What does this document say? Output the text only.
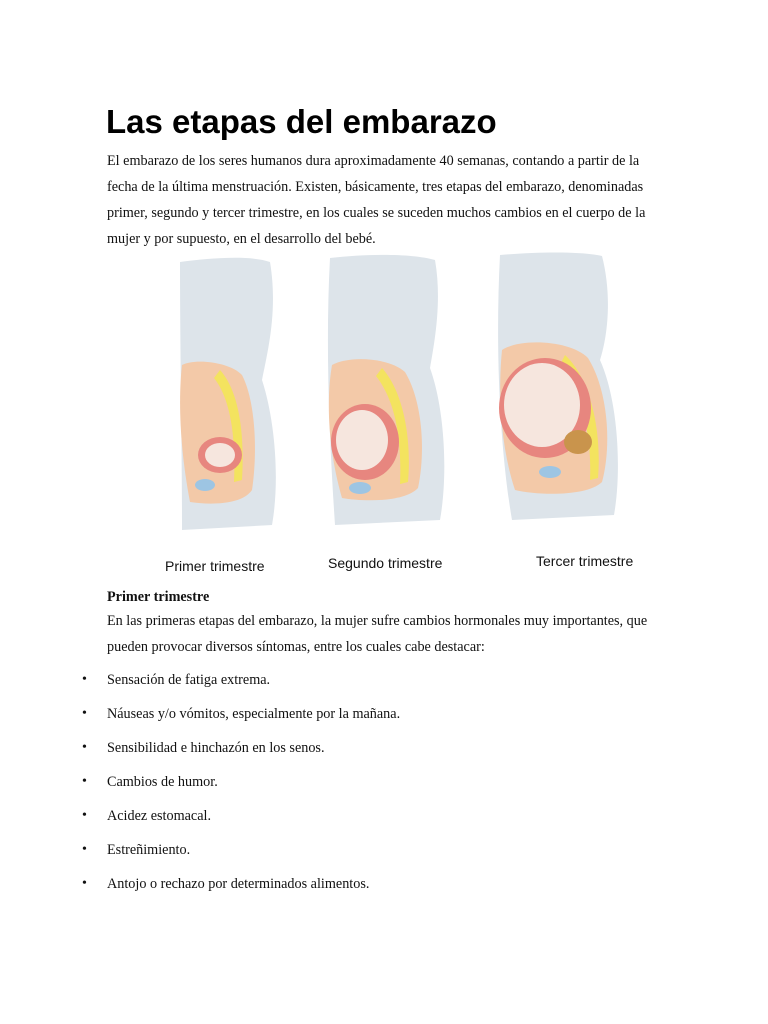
Las etapas del embarazo

El embarazo de los seres humanos dura aproximadamente 40 semanas, contando a partir de la fecha de la última menstruación. Existen, básicamente, tres etapas del embarazo, denominadas primer, segundo y tercer trimestre, en los cuales se suceden muchos cambios en el cuerpo de la mujer y por supuesto, en el desarrollo del bebé.

Primer trimestre	Segundo trimestre	Tercer trimestre

Primer trimestre

En las primeras etapas del embarazo, la mujer sufre cambios hormonales muy importantes, que pueden provocar diversos síntomas, entre los cuales cabe destacar:

• Sensación de fatiga extrema.
• Náuseas y/o vómitos, especialmente por la mañana.
• Sensibilidad e hinchazón en los senos.
• Cambios de humor.
• Acidez estomacal.
• Estreñimiento.
• Antojo o rechazo por determinados alimentos.
